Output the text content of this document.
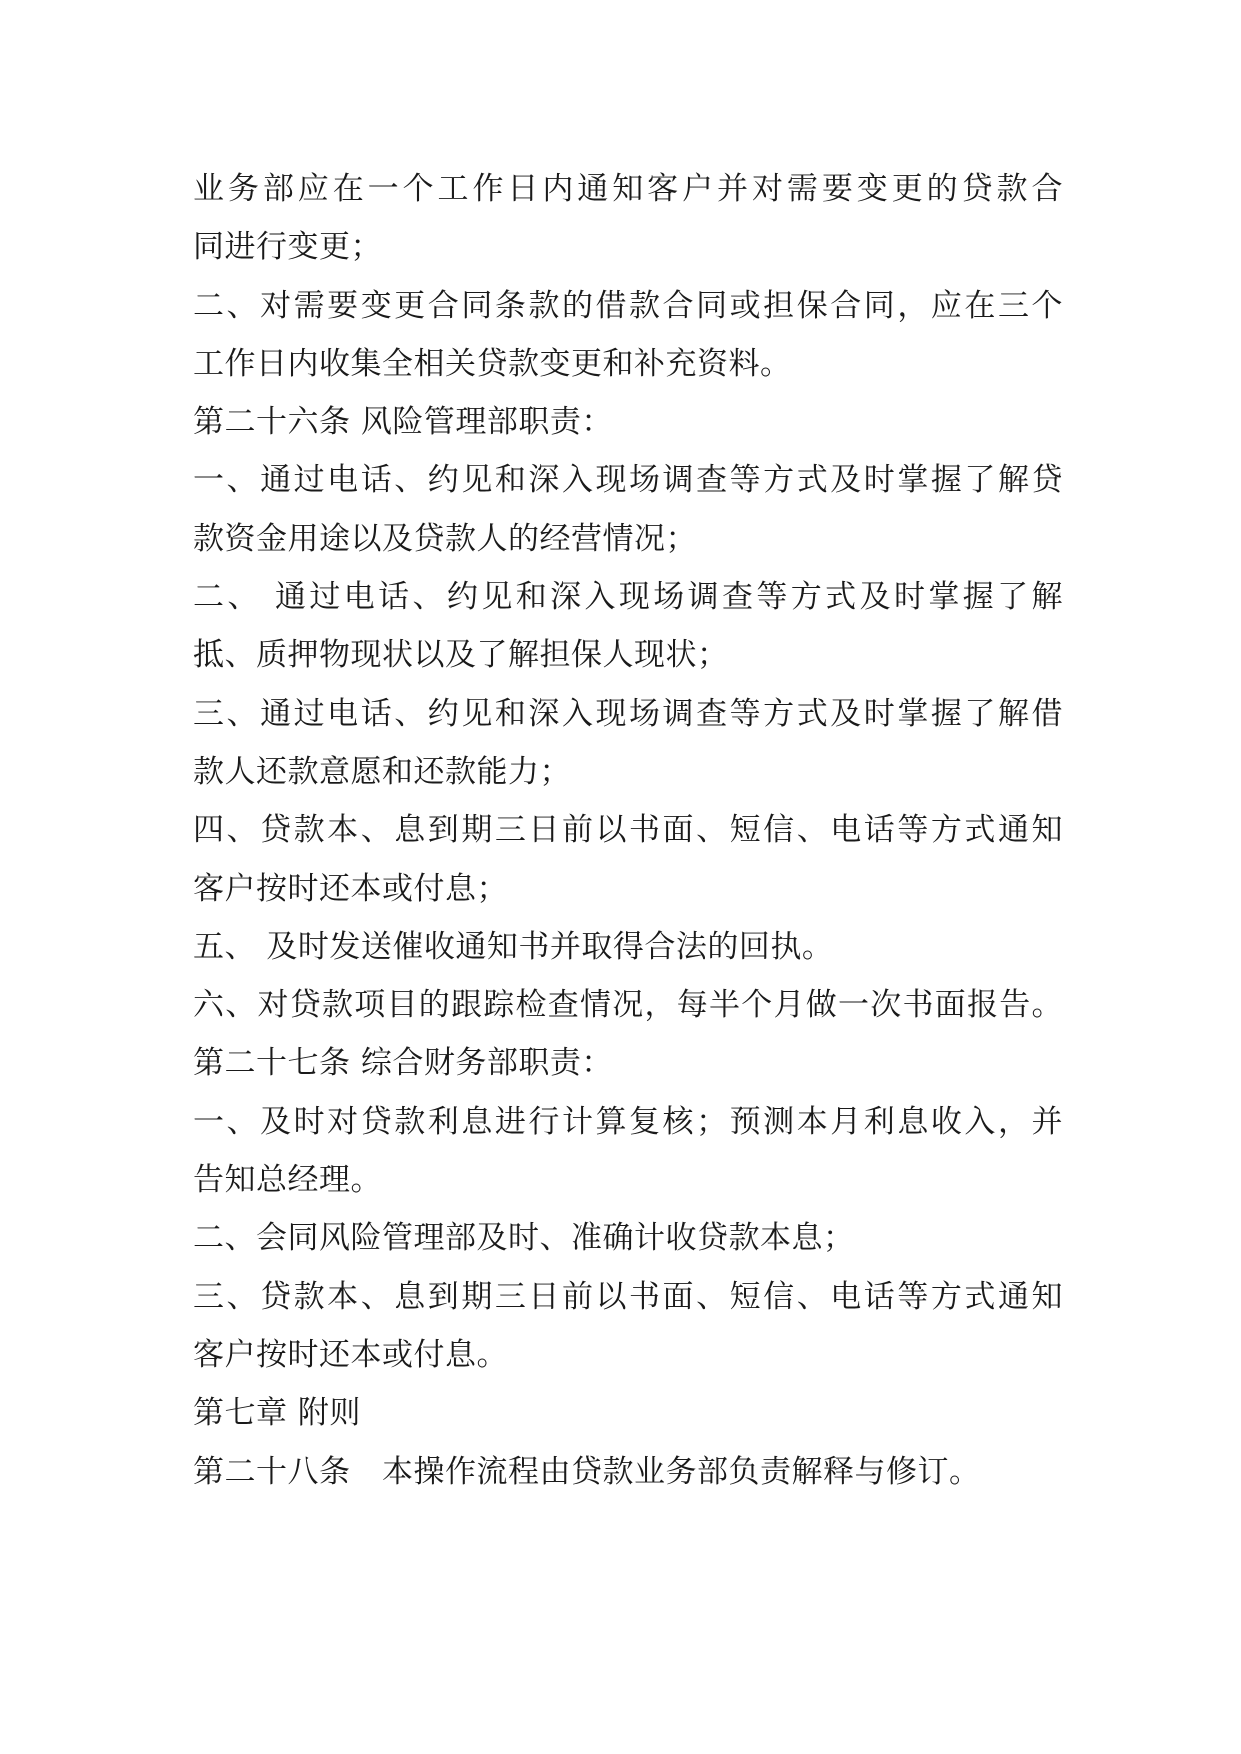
业务部应在一个工作日内通知客户并对需要变更的贷款合
同进行变更；
二、对需要变更合同条款的借款合同或担保合同，应在三个
工作日内收集全相关贷款变更和补充资料。
第二十六条 风险管理部职责：
一、通过电话、约见和深入现场调查等方式及时掌握了解贷
款资金用途以及贷款人的经营情况；
二、 通过电话、约见和深入现场调查等方式及时掌握了解
抵、质押物现状以及了解担保人现状；
三、通过电话、约见和深入现场调查等方式及时掌握了解借
款人还款意愿和还款能力；
四、贷款本、息到期三日前以书面、短信、电话等方式通知
客户按时还本或付息；
五、 及时发送催收通知书并取得合法的回执。
六、对贷款项目的跟踪检查情况，每半个月做一次书面报告。
第二十七条 综合财务部职责：
一、及时对贷款利息进行计算复核；预测本月利息收入，并
告知总经理。
二、会同风险管理部及时、准确计收贷款本息；
三、贷款本、息到期三日前以书面、短信、电话等方式通知
客户按时还本或付息。
第七章 附则
第二十八条　本操作流程由贷款业务部负责解释与修订。
